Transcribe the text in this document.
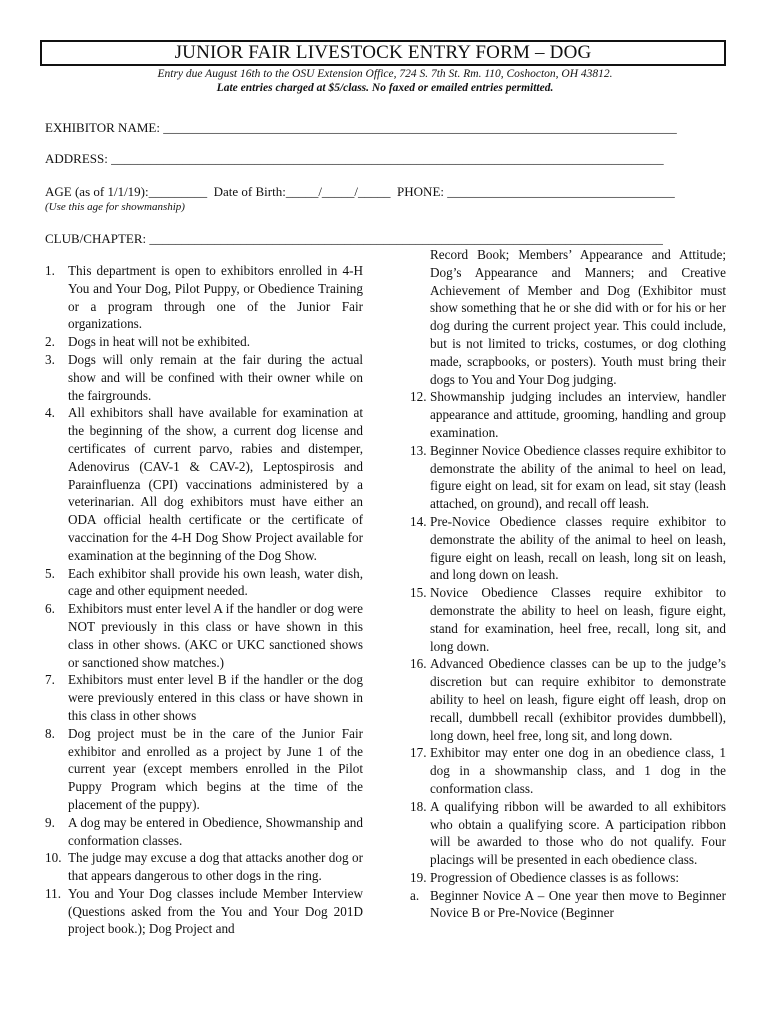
JUNIOR FAIR LIVESTOCK ENTRY FORM – DOG
Entry due August 16th to the OSU Extension Office, 724 S. 7th St. Rm. 110, Coshocton, OH 43812.
Late entries charged at $5/class. No faxed or emailed entries permitted.
EXHIBITOR NAME: _______________________________________________________________________________
ADDRESS: _____________________________________________________________________________________
AGE (as of 1/1/19):_________  Date of Birth:_____/_____/_____  PHONE: ___________________________________
(Use this age for showmanship)
CLUB/CHAPTER: _______________________________________________________________________________
1. This department is open to exhibitors enrolled in 4-H You and Your Dog, Pilot Puppy, or Obedience Training or a program through one of the Junior Fair organizations.
2. Dogs in heat will not be exhibited.
3. Dogs will only remain at the fair during the actual show and will be confined with their owner while on the fairgrounds.
4. All exhibitors shall have available for examination at the beginning of the show, a current dog license and certificates of current parvo, rabies and distemper, Adenovirus (CAV-1 & CAV-2), Leptospirosis and Parainfluenza (CPI) vaccinations administered by a veterinarian. All dog exhibitors must have either an ODA official health certificate or the certificate of vaccination for the 4-H Dog Show Project available for examination at the beginning of the Dog Show.
5. Each exhibitor shall provide his own leash, water dish, cage and other equipment needed.
6. Exhibitors must enter level A if the handler or dog were NOT previously in this class or have shown in this class in other shows. (AKC or UKC sanctioned shows or sanctioned show matches.)
7. Exhibitors must enter level B if the handler or the dog were previously entered in this class or have shown in this class in other shows
8. Dog project must be in the care of the Junior Fair exhibitor and enrolled as a project by June 1 of the current year (except members enrolled in the Pilot Puppy Program which begins at the time of the placement of the puppy).
9. A dog may be entered in Obedience, Showmanship and conformation classes.
10. The judge may excuse a dog that attacks another dog or that appears dangerous to other dogs in the ring.
11. You and Your Dog classes include Member Interview (Questions asked from the You and Your Dog 201D project book.); Dog Project and
Record Book; Members’ Appearance and Attitude; Dog’s Appearance and Manners; and Creative Achievement of Member and Dog (Exhibitor must show something that he or she did with or for his or her dog during the current project year. This could include, but is not limited to tricks, costumes, or dog clothing made, scrapbooks, or posters). Youth must bring their dogs to You and Your Dog judging.
12. Showmanship judging includes an interview, handler appearance and attitude, grooming, handling and group examination.
13. Beginner Novice Obedience classes require exhibitor to demonstrate the ability of the animal to heel on lead, figure eight on lead, sit for exam on lead, sit stay (leash attached, on ground), and recall off leash.
14. Pre-Novice Obedience classes require exhibitor to demonstrate the ability of the animal to heel on leash, figure eight on leash, recall on leash, long sit on leash, and long down on leash.
15. Novice Obedience Classes require exhibitor to demonstrate the ability to heel on leash, figure eight, stand for examination, heel free, recall, long sit, and long down.
16. Advanced Obedience classes can be up to the judge’s discretion but can require exhibitor to demonstrate ability to heel on leash, figure eight off leash, drop on recall, dumbbell recall (exhibitor provides dumbbell), long down, heel free, long sit, and long down.
17. Exhibitor may enter one dog in an obedience class, 1 dog in a showmanship class, and 1 dog in the conformation class.
18. A qualifying ribbon will be awarded to all exhibitors who obtain a qualifying score. A participation ribbon will be awarded to those who do not qualify. Four placings will be presented in each obedience class.
19. Progression of Obedience classes is as follows:
a. Beginner Novice A – One year then move to Beginner Novice B or Pre-Novice (Beginner
